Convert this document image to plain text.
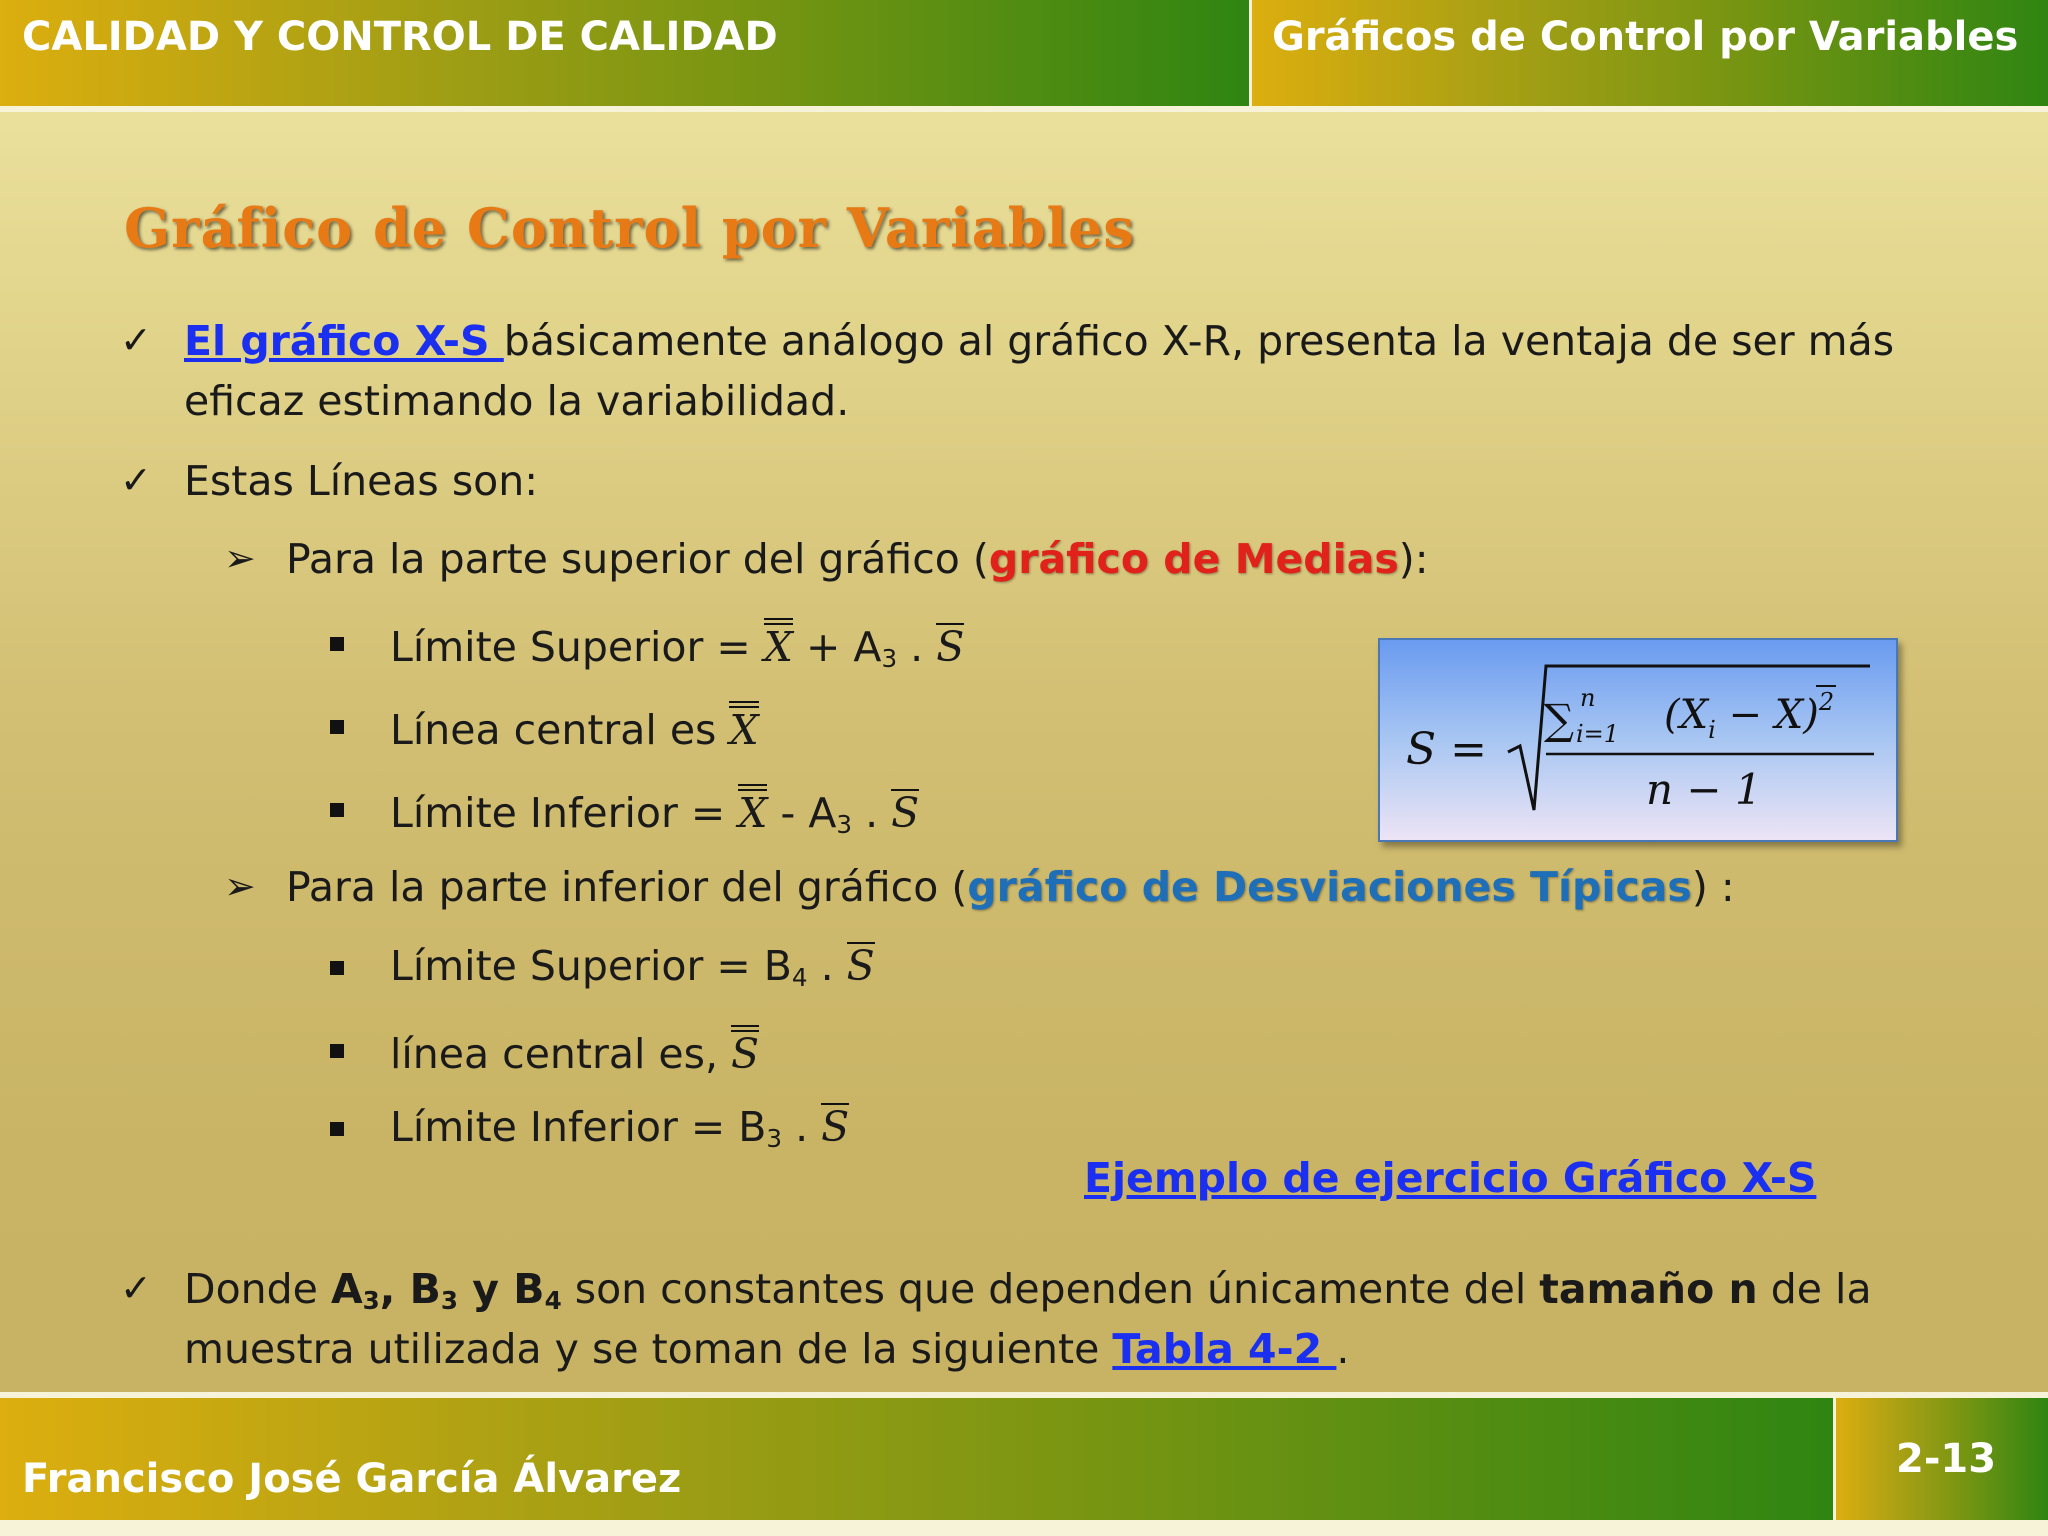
CALIDAD Y CONTROL DE CALIDAD	Gráficos de Control por Variables
Gráfico de Control por Variables
✓ El gráfico X-S básicamente análogo al gráfico X-R, presenta la ventaja de ser más
eficaz estimando la variabilidad.
✓ Estas Líneas son:
➢ Para la parte superior del gráfico (gráfico de Medias):
Límite Superior = $X + A_3$ . S
Línea central es X
Límite Inferior = X - $A_3$ . S
➢ Para la parte inferior del gráfico (gráfico de Desviaciones Típicas) :
Límite Superior = $B_4$ . S
línea central es, S
Límite Inferior = $B_3$ . S
S =
∑ n
i=1 $(X_i - X)^2$
n − 1
Ejemplo de ejercicio Gráfico X-S
✓ Donde $A_3$, $B_3$ y $B_4$ son constantes que dependen únicamente del tamaño n de la
muestra utilizada y se toman de la siguiente Tabla 4-2 .
Francisco José García Álvarez	2-13
